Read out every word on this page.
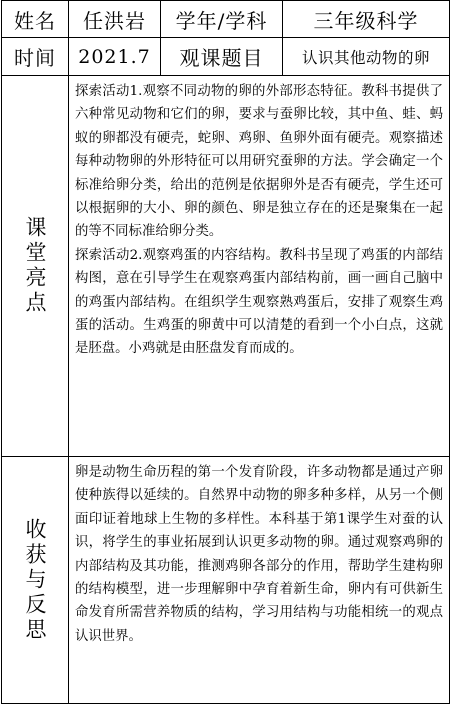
姓名 任洪岩 学年/学科 三年级科学
时间 2021.7 观课题目 认识其他动物的卵
课堂亮点

探索活动1.观察不同动物的卵的外部形态特征。教科书提供了六种常见动物和它们的卵，要求与蚕卵比较，其中鱼、蛙、蚂蚁的卵都没有硬壳，蛇卵、鸡卵、鱼卵外面有硬壳。观察描述每种动物卵的外形特征可以用研究蚕卵的方法。学会确定一个标准给卵分类，给出的范例是依据卵外是否有硬壳，学生还可以根据卵的大小、卵的颜色、卵是独立存在的还是聚集在一起的等不同标准给卵分类。

探索活动2.观察鸡蛋的内容结构。教科书呈现了鸡蛋的内部结构图，意在引导学生在观察鸡蛋内部结构前，画一画自己脑中的鸡蛋内部结构。在组织学生观察熟鸡蛋后，安排了观察生鸡蛋的活动。生鸡蛋的卵黄中可以清楚的看到一个小白点，这就是胚盘。小鸡就是由胚盘发育而成的。

收获与反思

卵是动物生命历程的第一个发育阶段，许多动物都是通过产卵使种族得以延续的。自然界中动物的卵多种多样，从另一个侧面印证着地球上生物的多样性。本科基于第1课学生对蚕的认识，将学生的事业拓展到认识更多动物的卵。通过观察鸡卵的内部结构及其功能，推测鸡卵各部分的作用，帮助学生建构卵的结构模型，进一步理解卵中孕育着新生命，卵内有可供新生命发育所需营养物质的结构，学习用结构与功能相统一的观点认识世界。
